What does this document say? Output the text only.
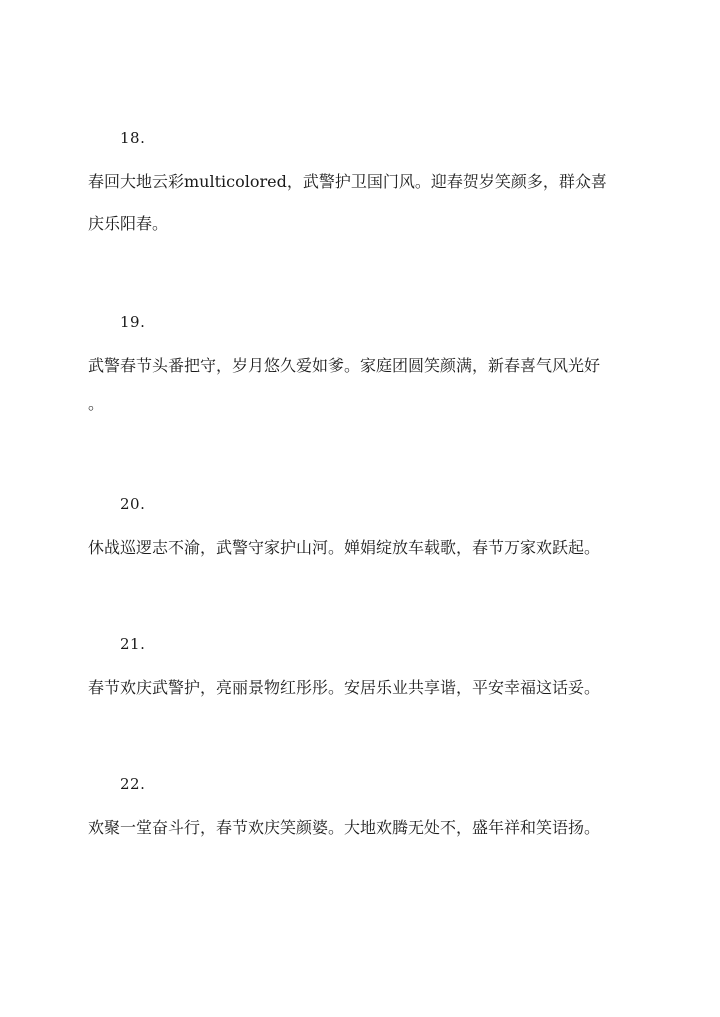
18.
春回大地云彩multicolored，武警护卫国门风。迎春贺岁笑颜多，群众喜
庆乐阳春。
19.
武警春节头番把守，岁月悠久爱如爹。家庭团圆笑颜满，新春喜气风光好
。
20.
休战巡逻志不渝，武警守家护山河。婵娟绽放车载歌，春节万家欢跃起。
21.
春节欢庆武警护，亮丽景物红彤彤。安居乐业共享谐，平安幸福这话妥。
22.
欢聚一堂奋斗行，春节欢庆笑颜婆。大地欢腾无处不，盛年祥和笑语扬。
